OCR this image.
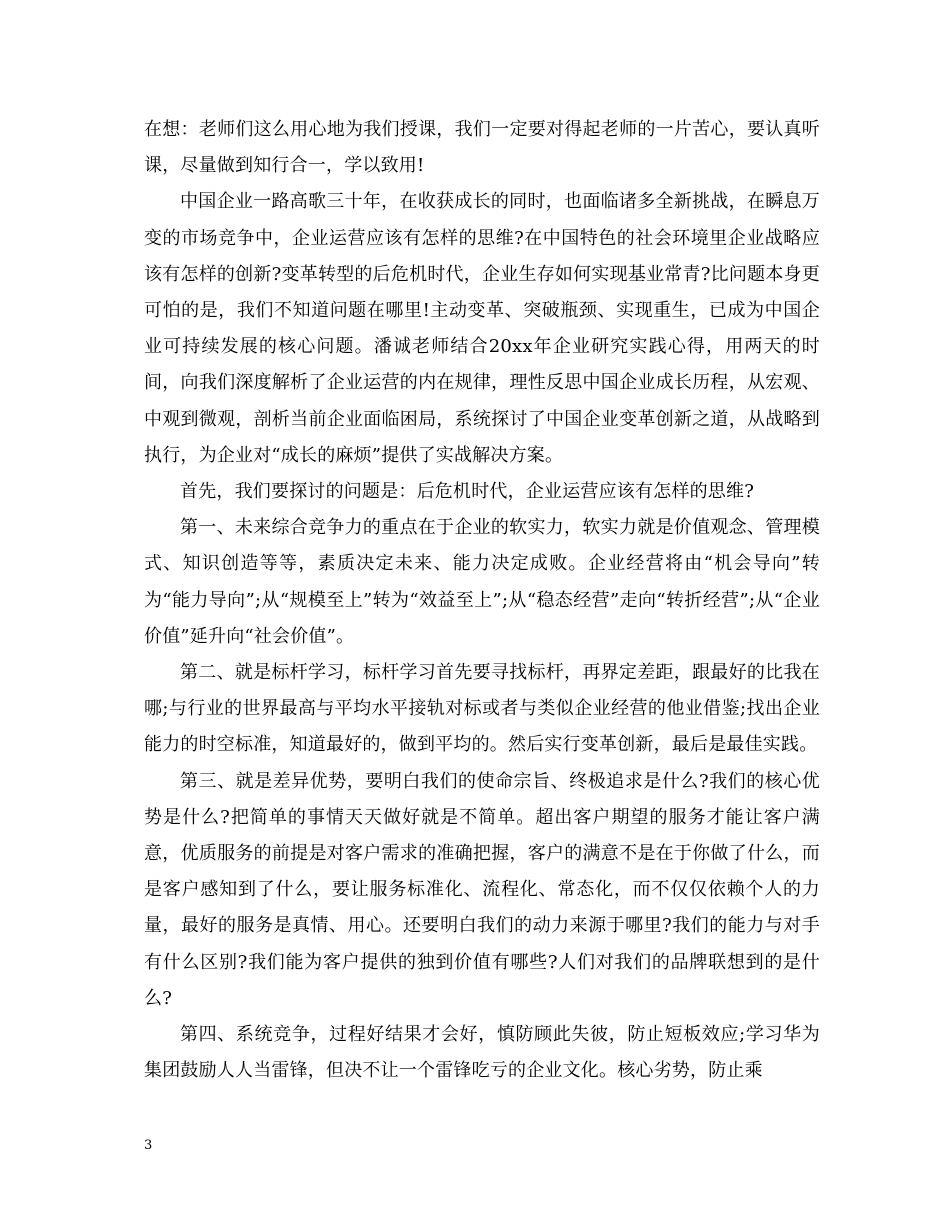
在想：老师们这么用心地为我们授课，我们一定要对得起老师的一片苦心，要认真听课，尽量做到知行合一，学以致用!

中国企业一路高歌三十年，在收获成长的同时，也面临诸多全新挑战，在瞬息万变的市场竞争中，企业运营应该有怎样的思维?在中国特色的社会环境里企业战略应该有怎样的创新?变革转型的后危机时代，企业生存如何实现基业常青?比问题本身更可怕的是，我们不知道问题在哪里!主动变革、突破瓶颈、实现重生，已成为中国企业可持续发展的核心问题。潘诚老师结合20xx年企业研究实践心得，用两天的时间，向我们深度解析了企业运营的内在规律，理性反思中国企业成长历程，从宏观、中观到微观，剖析当前企业面临困局，系统探讨了中国企业变革创新之道，从战略到执行，为企业对“成长的麻烦”提供了实战解决方案。

首先，我们要探讨的问题是：后危机时代，企业运营应该有怎样的思维?

第一、未来综合竞争力的重点在于企业的软实力，软实力就是价值观念、管理模式、知识创造等等，素质决定未来、能力决定成败。企业经营将由“机会导向”转为“能力导向”;从“规模至上”转为“效益至上”;从“稳态经营”走向“转折经营”;从“企业价值”延升向“社会价值”。

第二、就是标杆学习，标杆学习首先要寻找标杆，再界定差距，跟最好的比我在哪;与行业的世界最高与平均水平接轨对标或者与类似企业经营的他业借鉴;找出企业能力的时空标准，知道最好的，做到平均的。然后实行变革创新，最后是最佳实践。

第三、就是差异优势，要明白我们的使命宗旨、终极追求是什么?我们的核心优势是什么?把简单的事情天天做好就是不简单。超出客户期望的服务才能让客户满意，优质服务的前提是对客户需求的准确把握，客户的满意不是在于你做了什么，而是客户感知到了什么，要让服务标准化、流程化、常态化，而不仅仅依赖个人的力量，最好的服务是真情、用心。还要明白我们的动力来源于哪里?我们的能力与对手有什么区别?我们能为客户提供的独到价值有哪些?人们对我们的品牌联想到的是什么?

第四、系统竞争，过程好结果才会好，慎防顾此失彼，防止短板效应;学习华为集团鼓励人人当雷锋，但决不让一个雷锋吃亏的企业文化。核心劣势，防止乘

3
